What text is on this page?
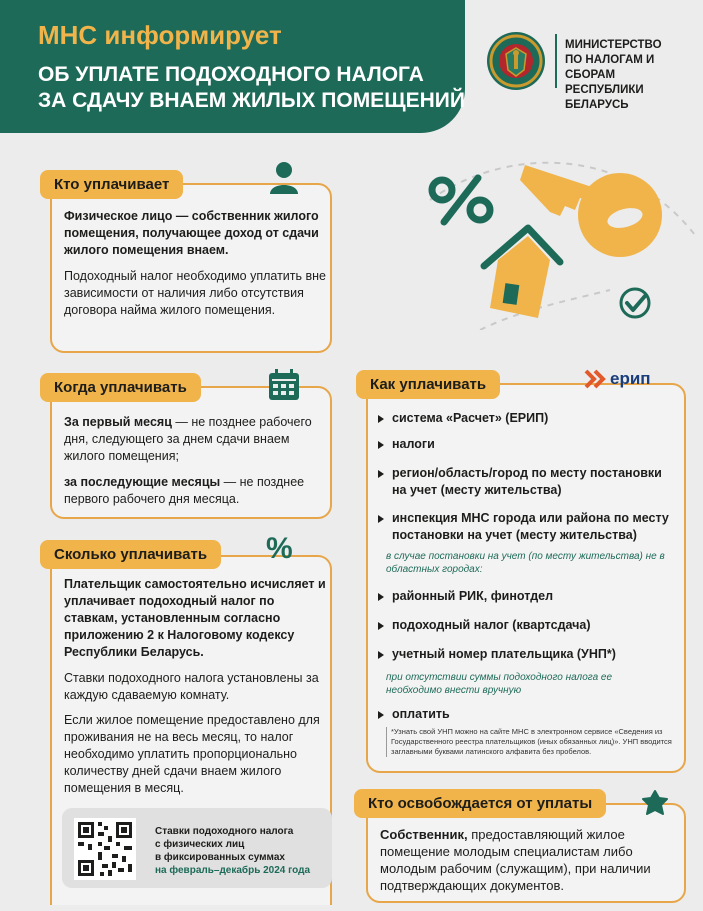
МНС информирует
ОБ УПЛАТЕ ПОДОХОДНОГО НАЛОГА
ЗА СДАЧУ ВНАЕМ ЖИЛЫХ ПОМЕЩЕНИЙ
МИНИСТЕРСТВО
ПО НАЛОГАМ И СБОРАМ
РЕСПУБЛИКИ БЕЛАРУСЬ
Кто уплачивает
Физическое лицо — собственник жилого помещения, получающее доход от сдачи жилого помещения внаем.
Подоходный налог необходимо уплатить вне зависимости от наличия либо отсутствия договора найма жилого помещения.
Когда уплачивать
За первый месяц — не позднее рабочего дня, следующего за днем сдачи внаем жилого помещения;
за последующие месяцы — не позднее первого рабочего дня месяца.
Сколько уплачивать	%
Плательщик самостоятельно исчисляет и уплачивает подоходный налог по ставкам, установленным согласно приложению 2 к Налоговому кодексу Республики Беларусь.
Ставки подоходного налога установлены за каждую сдаваемую комнату.
Если жилое помещение предоставлено для проживания не на весь месяц, то налог необходимо уплатить пропорционально количеству дней сдачи внаем жилого помещения в месяц.
Ставки подоходного налога
с физических лиц
в фиксированных суммах
на февраль–декабрь 2024 года
Как уплачивать	ерип
система «Расчет» (ЕРИП)
налоги
регион/область/город по месту постановки на учет (месту жительства)
инспекция МНС города или района по месту постановки на учет (месту жительства)
районный РИК, финотдел
подоходный налог (квартсдача)
учетный номер плательщика (УНП*)
оплатить
в случае постановки на учет (по месту жительства) не в областных городах:
при отсутствии суммы подоходного налога ее необходимо внести вручную
*Узнать свой УНП можно на сайте МНС в электронном сервисе «Сведения из Государственного реестра плательщиков (иных обязанных лиц)». УНП вводится заглавными буквами латинского алфавита без пробелов.
Кто освобождается от уплаты
Собственник, предоставляющий жилое помещение молодым специалистам либо молодым рабочим (служащим), при наличии подтверждающих документов.
